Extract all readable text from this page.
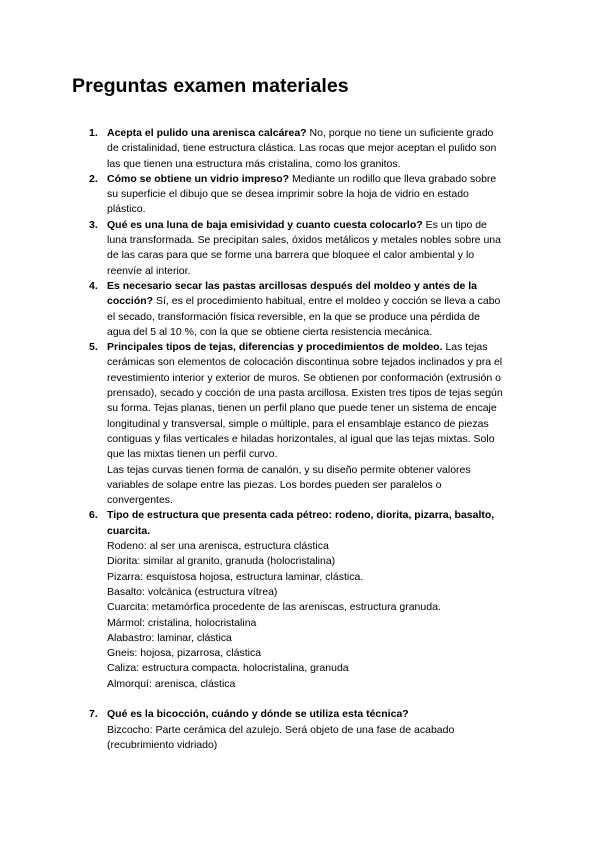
Preguntas examen materiales
1. Acepta el pulido una arenisca calcárea? No, porque no tiene un suficiente grado
de cristalinidad, tiene estructura clástica. Las rocas que mejor aceptan el pulido son
las que tienen una estructura más cristalina, como los granitos.
2. Cómo se obtiene un vidrio impreso? Mediante un rodillo que lleva grabado sobre
su superficie el dibujo que se desea imprimir sobre la hoja de vidrio en estado
plástico.
3. Qué es una luna de baja emisividad y cuanto cuesta colocarlo? Es un tipo de
luna transformada. Se precipitan sales, óxidos metálicos y metales nobles sobre una
de las caras para que se forme una barrera que bloquee el calor ambiental y lo
reenvíe al interior.
4. Es necesario secar las pastas arcillosas después del moldeo y antes de la
cocción? Sí, es el procedimiento habitual, entre el moldeo y cocción se lleva a cabo
el secado, transformación física reversible, en la que se produce una pérdida de
agua del 5 al 10 %, con la que se obtiene cierta resistencia mecánica.
5. Principales tipos de tejas, diferencias y procedimientos de moldeo. Las tejas
cerámicas son elementos de colocación discontinua sobre tejados inclinados y pra el
revestimiento interior y exterior de muros. Se obtienen por conformación (extrusión o
prensado), secado y cocción de una pasta arcillosa. Existen tres tipos de tejas según
su forma. Tejas planas, tienen un perfil plano que puede tener un sistema de encaje
longitudinal y transversal, simple o múltiple, para el ensamblaje estanco de piezas
contiguas y filas verticales e hiladas horizontales, al igual que las tejas mixtas. Solo
que las mixtas tienen un perfil curvo.
Las tejas curvas tienen forma de canalón, y su diseño permite obtener valores
variables de solape entre las piezas. Los bordes pueden ser paralelos o
convergentes.
6. Tipo de estructura que presenta cada pétreo: rodeno, diorita, pizarra, basalto,
cuarcita.
Rodeno: al ser una arenisca, estructura clástica
Diorita: similar al granito, granuda (holocristalina)
Pizarra: esquistosa hojosa, estructura laminar, clástica.
Basalto: volcánica (estructura vítrea)
Cuarcita: metamórfica procedente de las areniscas, estructura granuda.
Mármol: cristalina, holocristalina
Alabastro: laminar, clástica
Gneis: hojosa, pizarrosa, clástica
Caliza: estructura compacta. holocristalina, granuda
Almorquí: arenisca, clástica
7. Qué es la bicocción, cuándo y dónde se utiliza esta técnica?
Bizcocho: Parte cerámica del azulejo. Será objeto de una fase de acabado
(recubrimiento vidriado)
